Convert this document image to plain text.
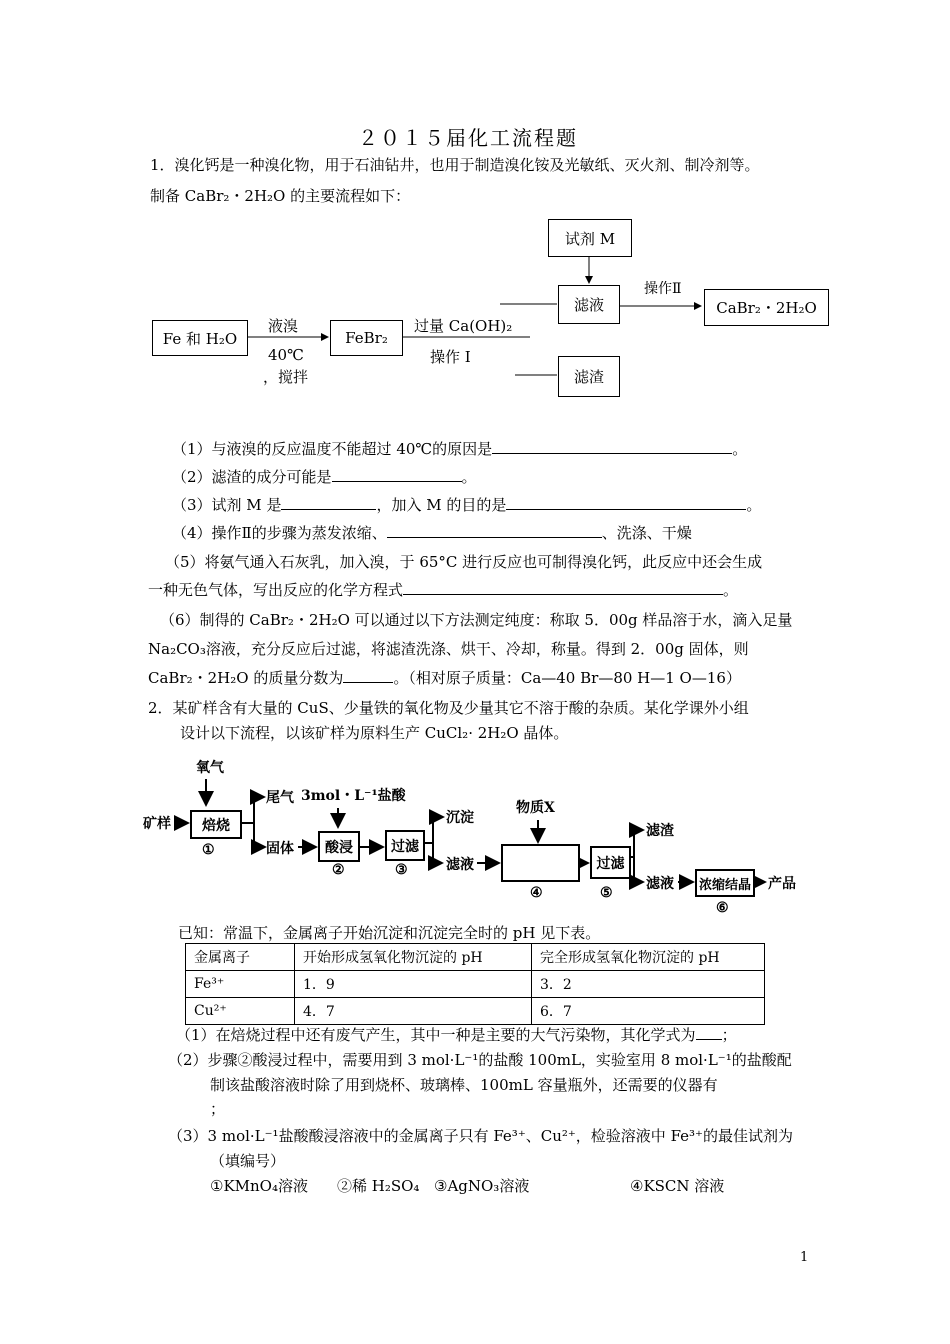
２０１５届化工流程题
1．溴化钙是一种溴化物，用于石油钻井，也用于制造溴化铵及光敏纸、灭火剂、制冷剂等。
制备 CaBr₂・2H₂O 的主要流程如下：
Fe 和 H₂O	FeBr₂
试剂 M
滤液
滤渣
CaBr₂・2H₂O
液溴
40℃
，搅拌
过量 Ca(OH)₂
操作 Ⅰ
操作Ⅱ
（1）与液溴的反应温度不能超过 40℃的原因是	。
（2）滤渣的成分可能是	。
（3）试剂 M 是	，加入 M 的目的是	。
（4）操作Ⅱ的步骤为蒸发浓缩、	、洗涤、干燥
（5）将氨气通入石灰乳，加入溴，于 65°C 进行反应也可制得溴化钙，此反应中还会生成
一种无色气体，写出反应的化学方程式	。
（6）制得的 CaBr₂・2H₂O 可以通过以下方法测定纯度：称取 5．00g 样品溶于水，滴入足量
Na₂CO₃溶液，充分反应后过滤，将滤渣洗涤、烘干、冷却，称量。得到 2．00g 固体，则
CaBr₂・2H₂O 的质量分数为	。（相对原子质量：Ca—40 Br—80 H—1 O—16）
2．某矿样含有大量的 CuS、少量铁的氧化物及少量其它不溶于酸的杂质。某化学课外小组
设计以下流程，以该矿样为原料生产 CuCl₂· 2H₂O 晶体。
氧气
矿样	焙烧
①
尾气
固体
3mol・L⁻¹盐酸
酸浸
②
过滤
③
沉淀
滤液
物质X
④
过滤
⑤
滤渣
滤液	浓缩结晶
⑥
产品
已知：常温下，金属离子开始沉淀和沉淀完全时的 pH 见下表。
金属离子	开始形成氢氧化物沉淀的 pH	完全形成氢氧化物沉淀的 pH
Fe³⁺	1．9	3．2
Cu²⁺	4．7	6．7
（1）在焙烧过程中还有废气产生，其中一种是主要的大气污染物，其化学式为 ；
（2）步骤②酸浸过程中，需要用到 3 mol·L⁻¹的盐酸 100mL，实验室用 8 mol·L⁻¹的盐酸配
制该盐酸溶液时除了用到烧杯、玻璃棒、100mL 容量瓶外，还需要的仪器有
；
（3）3 mol·L⁻¹盐酸酸浸溶液中的金属离子只有 Fe³⁺、Cu²⁺，检验溶液中 Fe³⁺的最佳试剂为
（填编号）
①KMnO₄溶液 ②稀 H₂SO₄ ③AgNO₃溶液	④KSCN 溶液
1
